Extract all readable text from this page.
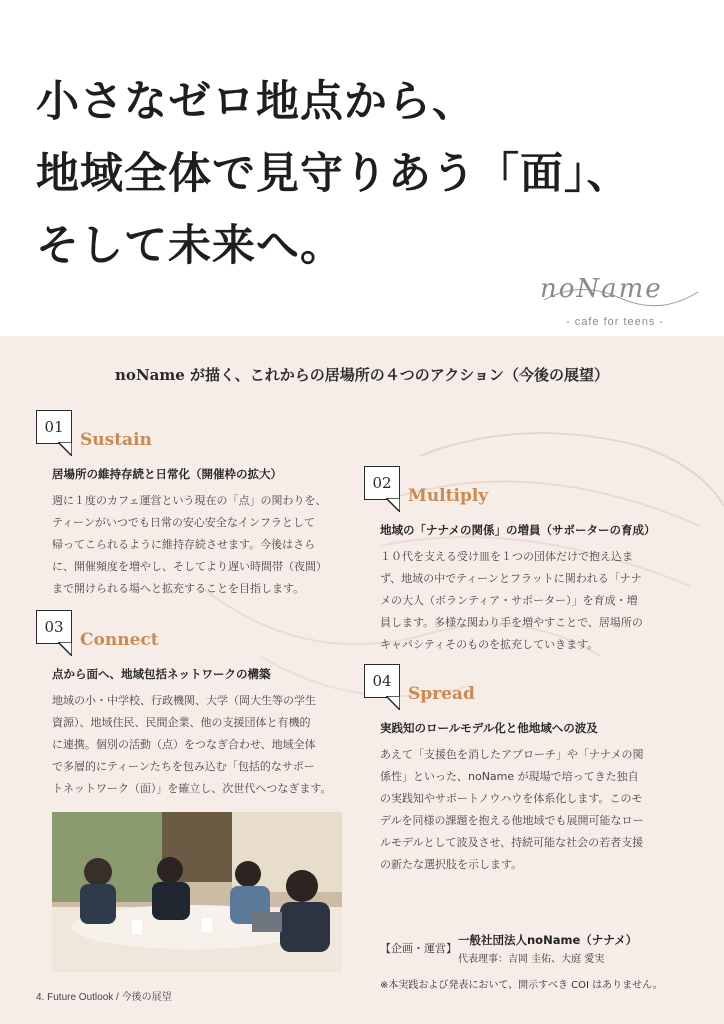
小さなゼロ地点から、
地域全体で見守りあう「面」、
そして未来へ。
noName
- cafe for teens -
noName が描く、これからの居場所の４つのアクション（今後の展望）
01
Sustain
居場所の維持存続と日常化（開催枠の拡大）
週に１度のカフェ運営という現在の「点」の関わりを、
ティーンがいつでも日常の安心安全なインフラとして
帰ってこられるように維持存続させます。今後はさら
に、開催頻度を増やし、そしてより遅い時間帯（夜間）
まで開けられる場へと拡充することを目指します。
02
Multiply
地域の「ナナメの関係」の増員（サポーターの育成）
１０代を支える受け皿を１つの団体だけで抱え込ま
ず、地域の中でティーンとフラットに関われる「ナナ
メの大人（ボランティア・サポーター）」を育成・増
員します。多様な関わり手を増やすことで、居場所の
キャパシティそのものを拡充していきます。
03
Connect
点から面へ、地域包括ネットワークの構築
地域の小・中学校、行政機関、大学（岡大生等の学生
資源）、地域住民、民間企業、他の支援団体と有機的
に連携。個別の活動（点）をつなぎ合わせ、地域全体
で多層的にティーンたちを包み込む「包括的なサポー
トネットワーク（面）」を確立し、次世代へつなぎます。
04
Spread
実践知のロールモデル化と他地域への波及
あえて「支援色を消したアプローチ」や「ナナメの関
係性」といった、noName が現場で培ってきた独自
の実践知やサポートノウハウを体系化します。このモ
デルを同様の課題を抱える他地域でも展開可能なロー
ルモデルとして波及させ、持続可能な社会の若者支援
の新たな選択肢を示します。
【企画・運営】
一般社団法人noName（ナナメ）
代表理事：吉岡 圭佑、大庭 愛実
※本実践および発表において、開示すべき COI はありません。
4. Future Outlook / 今後の展望
